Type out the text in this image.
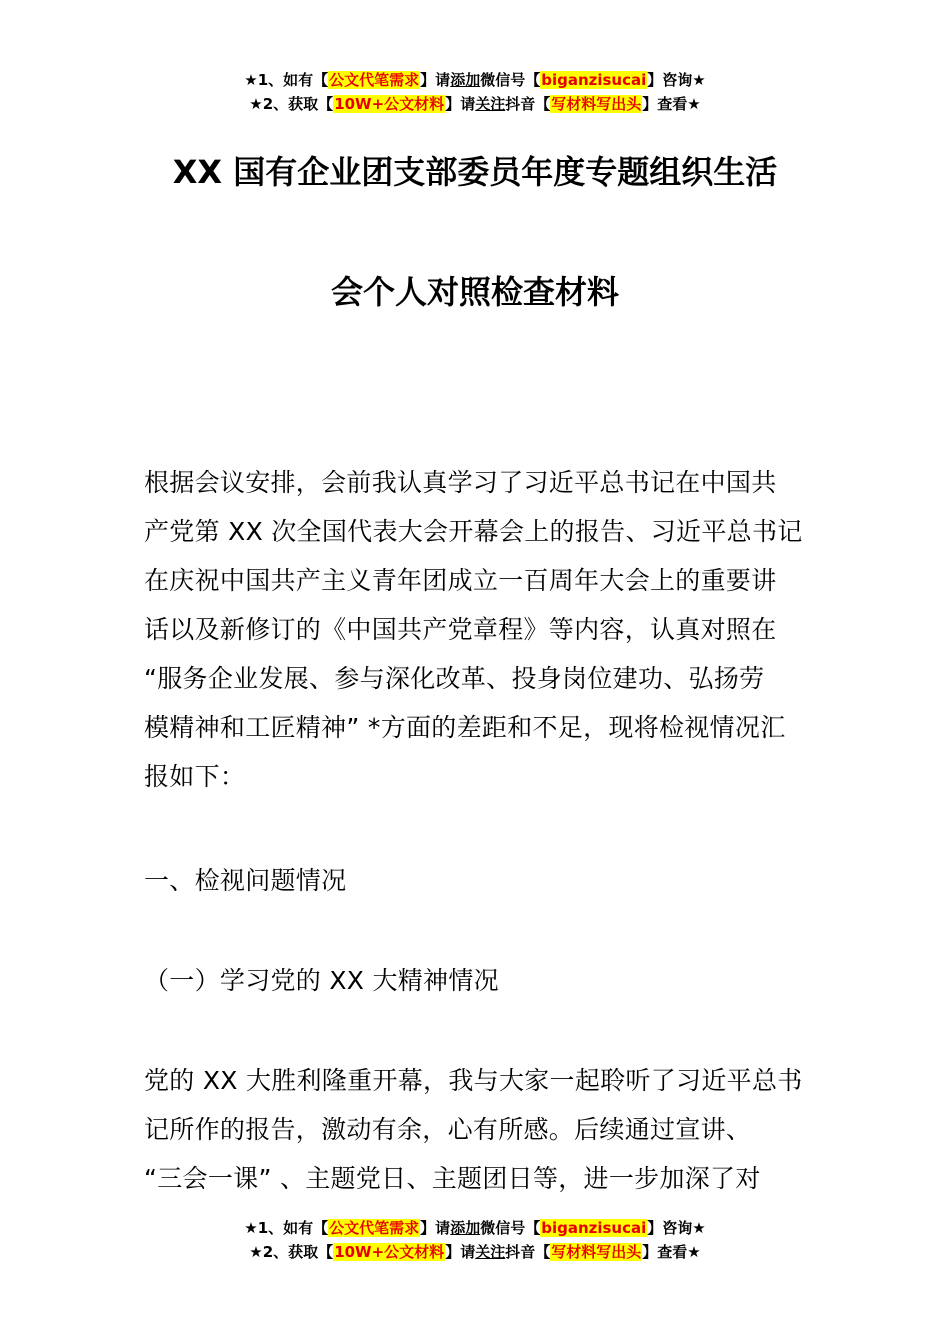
★1、如有【公文代笔需求】请添加微信号【biganzisucai】咨询★
★2、获取【10W+公文材料】请关注抖音【写材料写出头】查看★
XX 国有企业团支部委员年度专题组织生活
会个人对照检查材料

根据会议安排，会前我认真学习了习近平总书记在中国共

产党第 XX 次全国代表大会开幕会上的报告、习近平总书记

在庆祝中国共产主义青年团成立一百周年大会上的重要讲

话以及新修订的《中国共产党章程》等内容，认真对照在

“服务企业发展、参与深化改革、投身岗位建功、弘扬劳

模精神和工匠精神” *方面的差距和不足，现将检视情况汇

报如下：

一、检视问题情况
（一）学习党的 XX 大精神情况

党的 XX 大胜利隆重开幕，我与大家一起聆听了习近平总书

记所作的报告，激动有余，心有所感。后续通过宣讲、

“三会一课” 、主题党日、主题团日等，进一步加深了对

★1、如有【公文代笔需求】请添加微信号【biganzisucai】咨询★
★2、获取【10W+公文材料】请关注抖音【写材料写出头】查看★
